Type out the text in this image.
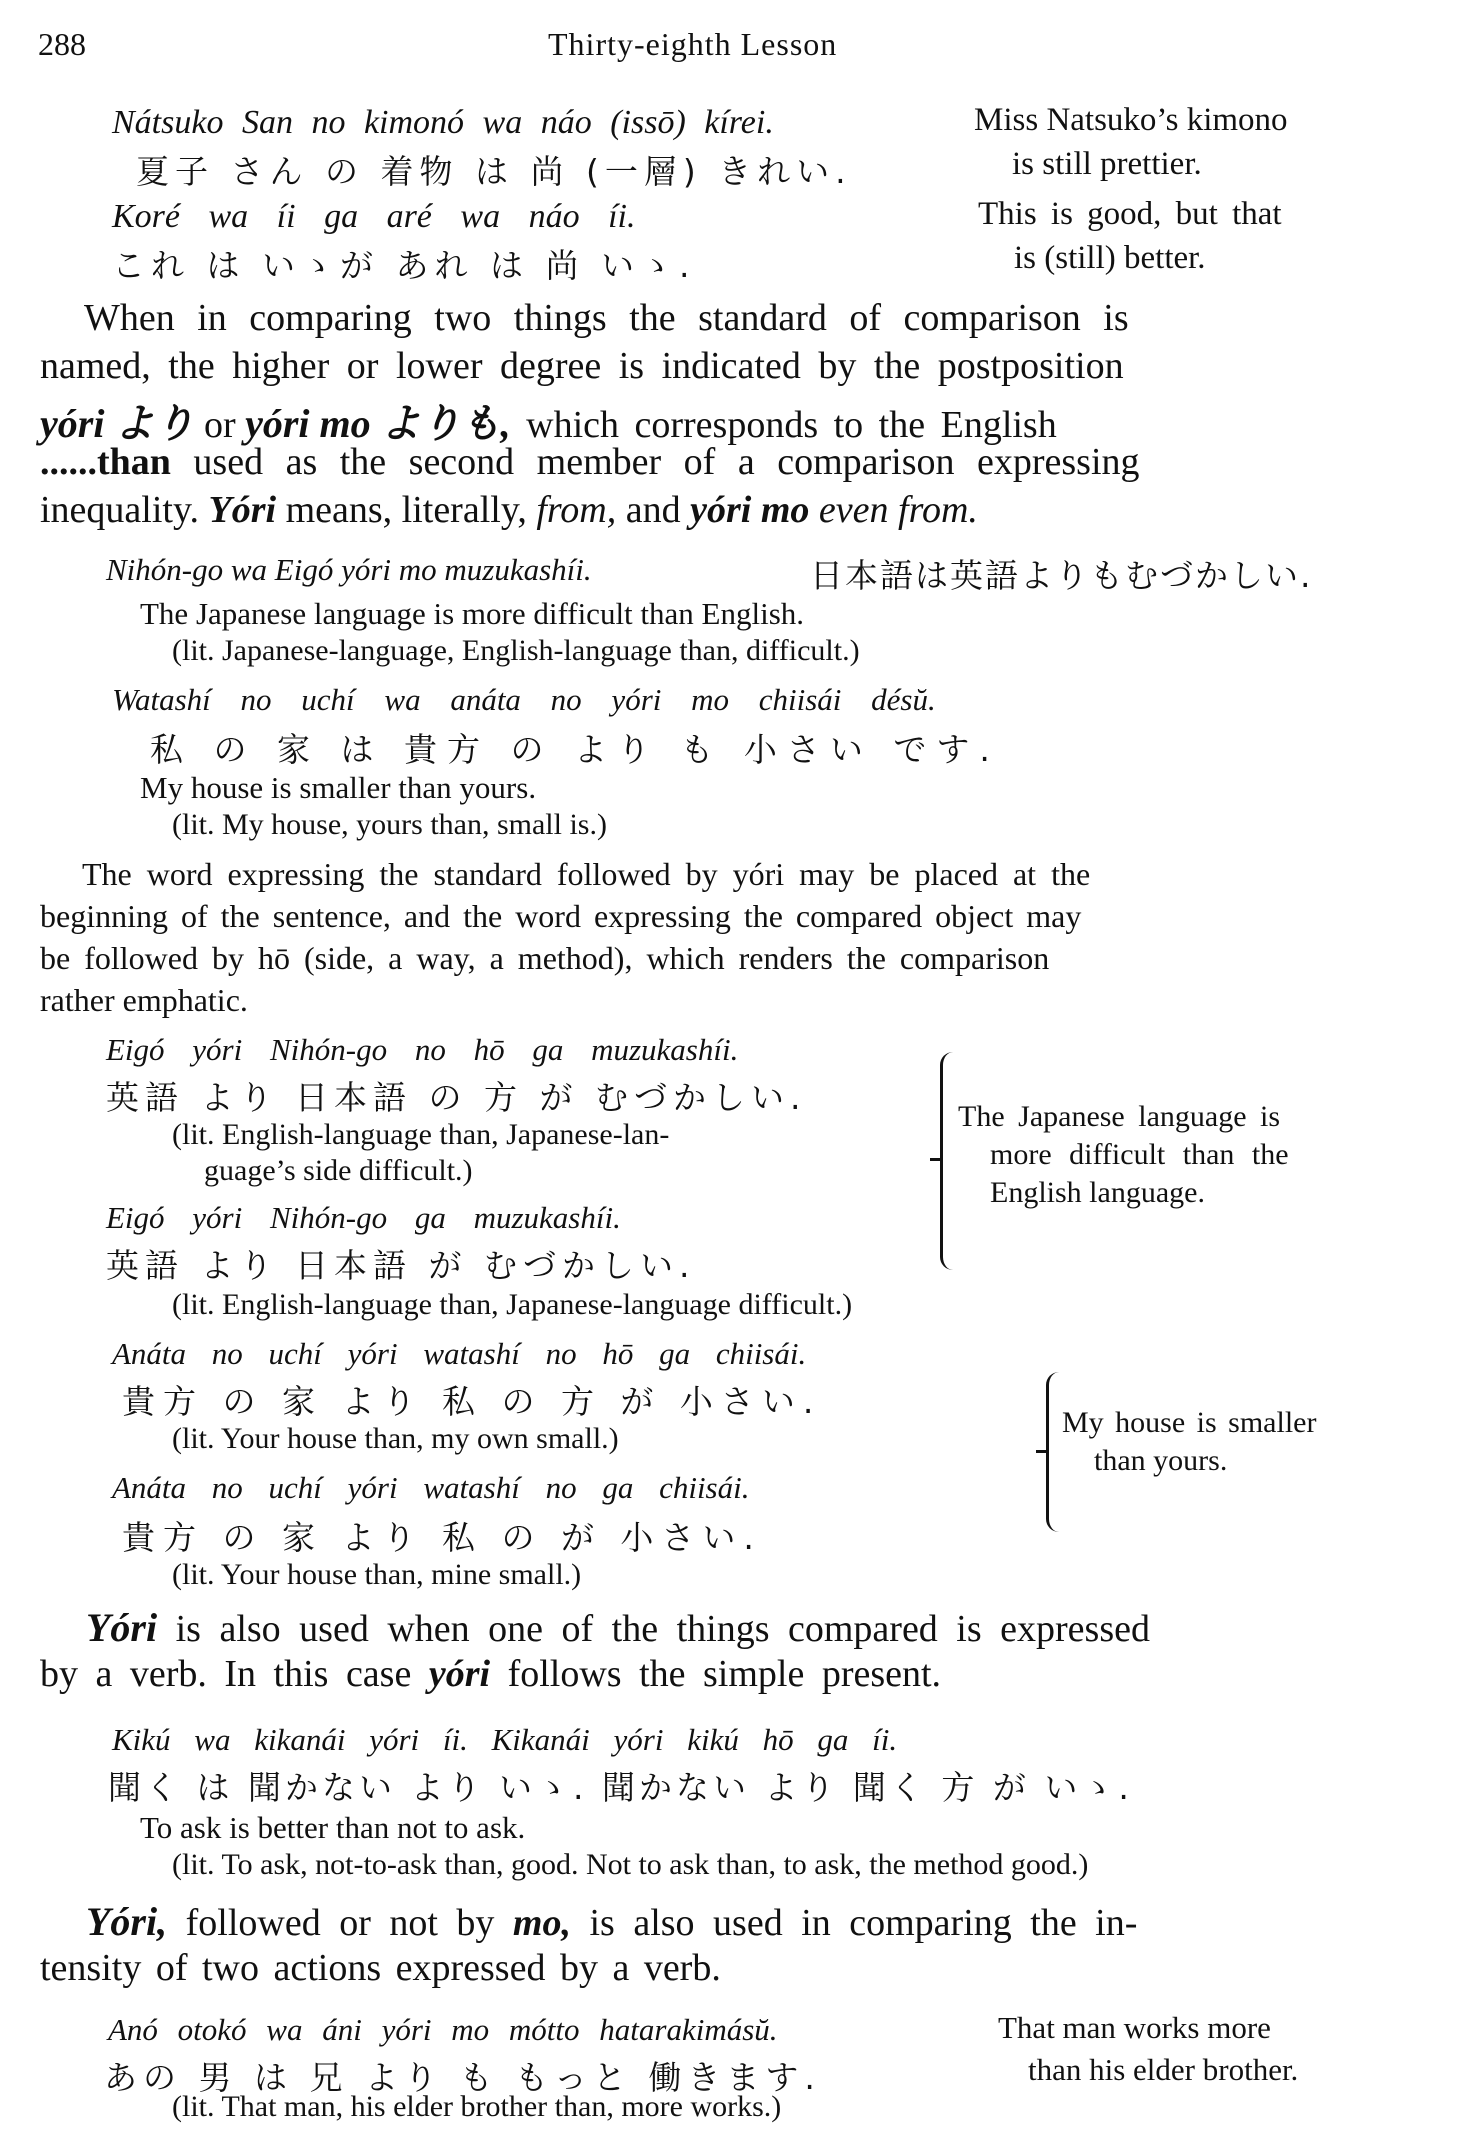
288	Thirty-eighth Lesson
Nátsuko San no kimonó wa náo (issō) kírei.
夏子 さん の 着物 は 尚 (一層) きれい.
Miss Natsuko’s kimono
is still prettier.
Koré wa íi ga aré wa náo íi.
これ は いゝが あれ は 尚 いゝ.
This is good, but that
is (still) better.
When in comparing two things the standard of comparison is
named, the higher or lower degree is indicated by the postposition
yóri より or yóri mo よりも, which corresponds to the English
......than used as the second member of a comparison expressing
inequality. Yóri means, literally, from, and yóri mo even from.
Nihón-go wa Eigó yóri mo muzukashíi.	日本語は英語よりもむづかしい.
The Japanese language is more difficult than English.
(lit. Japanese-language, English-language than, difficult.)
Watashí no uchí wa anáta no yóri mo chiisái désŭ.
私 の 家 は 貴方 の より も 小さい です.
My house is smaller than yours.
(lit. My house, yours than, small is.)
The word expressing the standard followed by yóri may be placed at the
beginning of the sentence, and the word expressing the compared object may
be followed by hō (side, a way, a method), which renders the comparison
rather emphatic.
Eigó yóri Nihón-go no hō ga muzukashíi.
英語 より 日本語 の 方 が むづかしい.
(lit. English-language than, Japanese-lan-
guage’s side difficult.)
Eigó yóri Nihón-go ga muzukashíi.
英語 より 日本語 が むづかしい.
(lit. English-language than, Japanese-language difficult.)
The Japanese language is
more difficult than the
English language.
Anáta no uchí yóri watashí no hō ga chiisái.
貴方 の 家 より 私 の 方 が 小さい.
(lit. Your house than, my own small.)
Anáta no uchí yóri watashí no ga chiisái.
貴方 の 家 より 私 の が 小さい.
(lit. Your house than, mine small.)
My house is smaller
than yours.
Yóri is also used when one of the things compared is expressed
by a verb. In this case yóri follows the simple present.
Kikú wa kikanái yóri íi. Kikanái yóri kikú hō ga íi.
聞く は 聞かない より いゝ. 聞かない より 聞く 方 が いゝ.
To ask is better than not to ask.
(lit. To ask, not-to-ask than, good. Not to ask than, to ask, the method good.)
Yóri, followed or not by mo, is also used in comparing the in-
tensity of two actions expressed by a verb.
Anó otokó wa áni yóri mo mótto hatarakimásŭ.
あの 男 は 兄 より も もっと 働きます.
That man works more
than his elder brother.
(lit. That man, his elder brother than, more works.)
